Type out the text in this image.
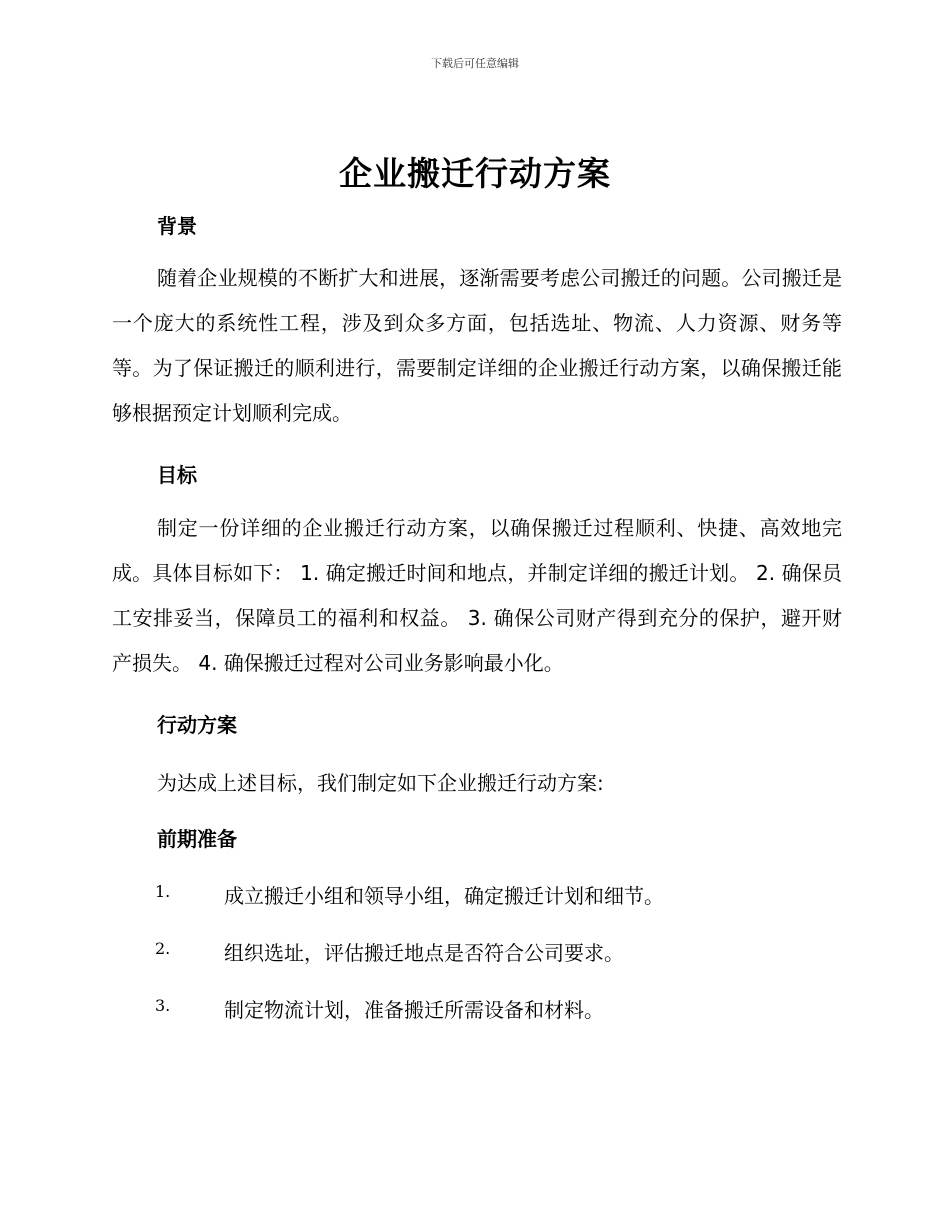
下载后可任意编辑
企业搬迁行动方案
背景

随着企业规模的不断扩大和进展，逐渐需要考虑公司搬迁的问题。公司搬迁是一个庞大的系统性工程，涉及到众多方面，包括选址、物流、人力资源、财务等等。为了保证搬迁的顺利进行，需要制定详细的企业搬迁行动方案，以确保搬迁能够根据预定计划顺利完成。

目标

制定一份详细的企业搬迁行动方案，以确保搬迁过程顺利、快捷、高效地完成。具体目标如下： 1. 确定搬迁时间和地点，并制定详细的搬迁计划。 2. 确保员工安排妥当，保障员工的福利和权益。 3. 确保公司财产得到充分的保护，避开财产损失。 4. 确保搬迁过程对公司业务影响最小化。

行动方案

为达成上述目标，我们制定如下企业搬迁行动方案:

前期准备
1.	成立搬迁小组和领导小组，确定搬迁计划和细节。
2.	组织选址，评估搬迁地点是否符合公司要求。
3.	制定物流计划，准备搬迁所需设备和材料。
